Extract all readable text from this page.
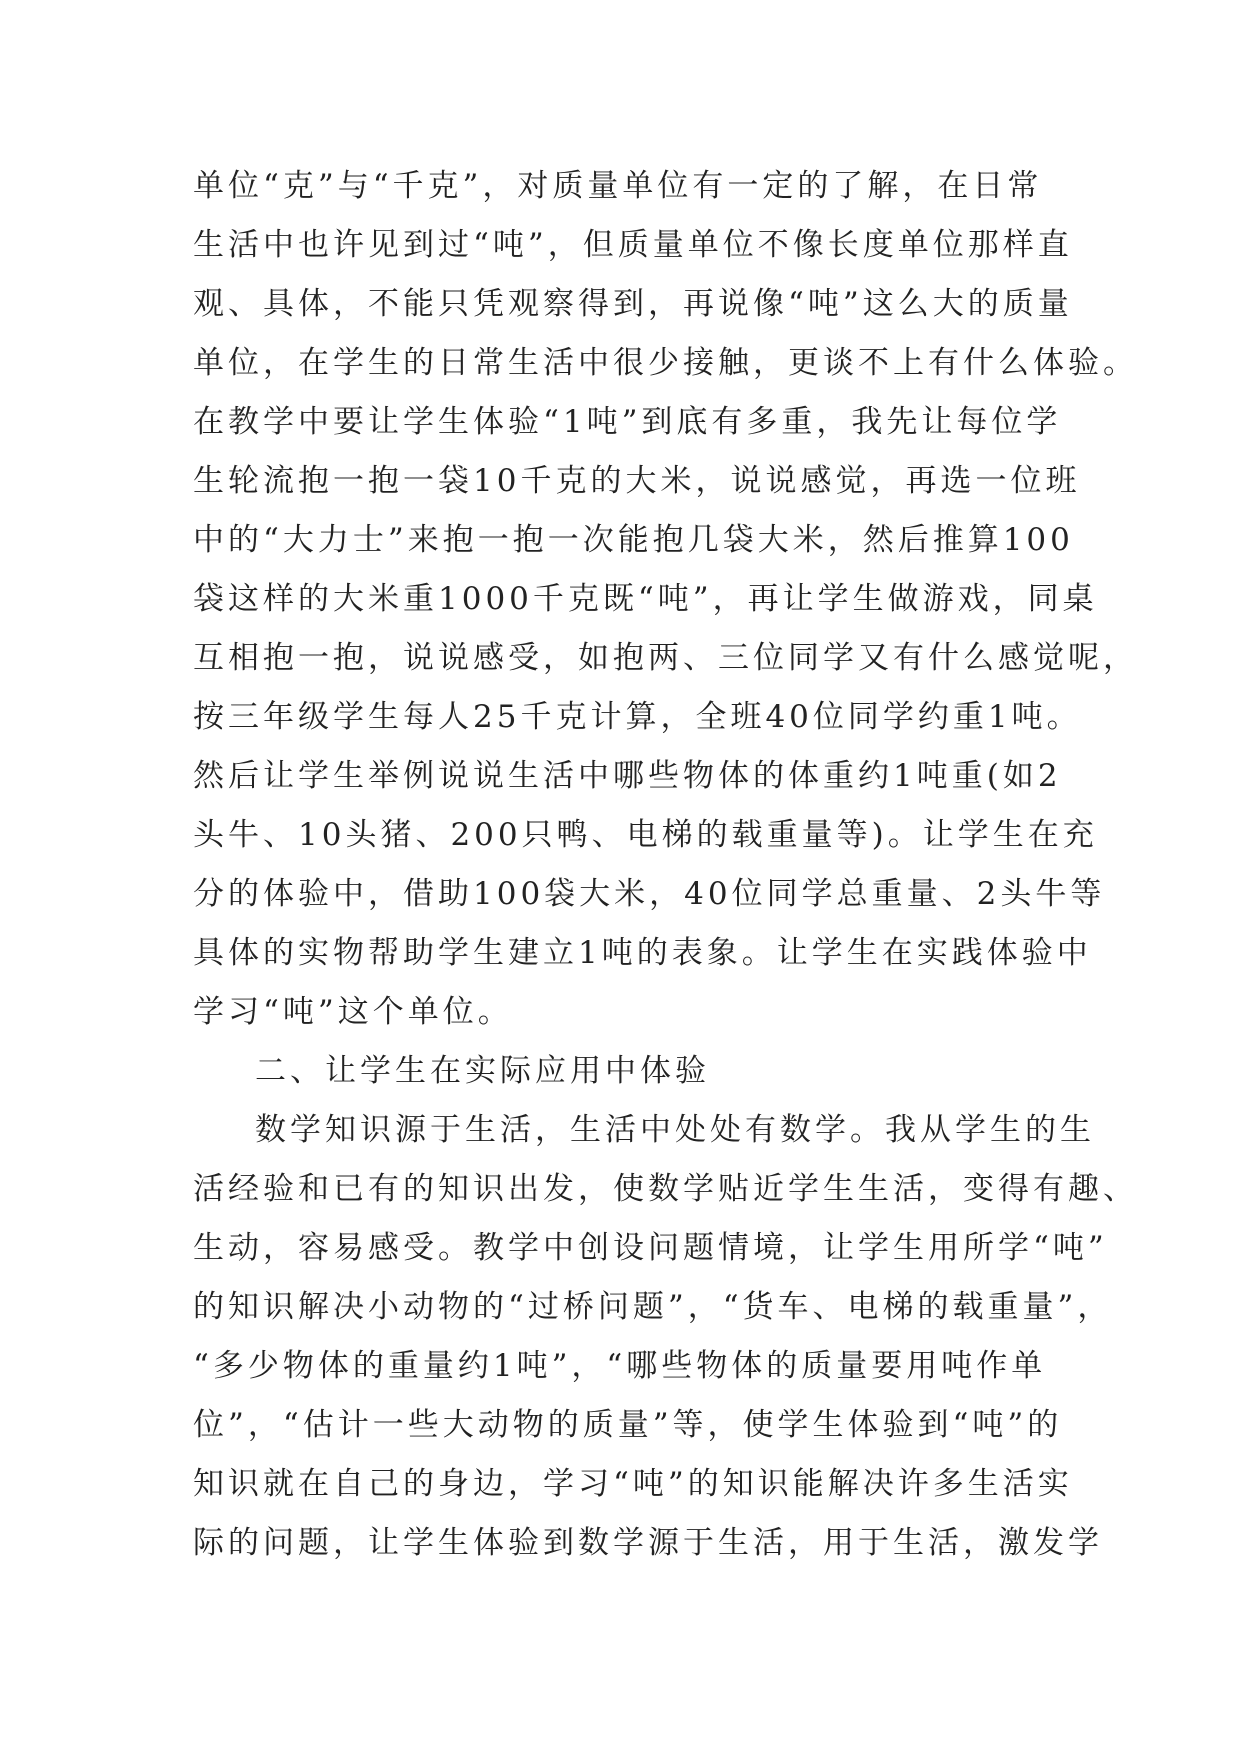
单位“克”与“千克”，对质量单位有一定的了解，在日常
生活中也许见到过“吨”，但质量单位不像长度单位那样直
观、具体，不能只凭观察得到，再说像“吨”这么大的质量
单位，在学生的日常生活中很少接触，更谈不上有什么体验。
在教学中要让学生体验“1吨”到底有多重，我先让每位学
生轮流抱一抱一袋10千克的大米，说说感觉，再选一位班
中的“大力士”来抱一抱一次能抱几袋大米，然后推算100
袋这样的大米重1000千克既“吨”，再让学生做游戏，同桌
互相抱一抱，说说感受，如抱两、三位同学又有什么感觉呢，
按三年级学生每人25千克计算，全班40位同学约重1吨。
然后让学生举例说说生活中哪些物体的体重约1吨重(如2
头牛、10头猪、200只鸭、电梯的载重量等)。让学生在充
分的体验中，借助100袋大米，40位同学总重量、2头牛等
具体的实物帮助学生建立1吨的表象。让学生在实践体验中
学习“吨”这个单位。
二、让学生在实际应用中体验
数学知识源于生活，生活中处处有数学。我从学生的生
活经验和已有的知识出发，使数学贴近学生生活，变得有趣、
生动，容易感受。教学中创设问题情境，让学生用所学“吨”
的知识解决小动物的“过桥问题”，“货车、电梯的载重量”，
“多少物体的重量约1吨”，“哪些物体的质量要用吨作单
位”，“估计一些大动物的质量”等，使学生体验到“吨”的
知识就在自己的身边，学习“吨”的知识能解决许多生活实
际的问题，让学生体验到数学源于生活，用于生活，激发学
